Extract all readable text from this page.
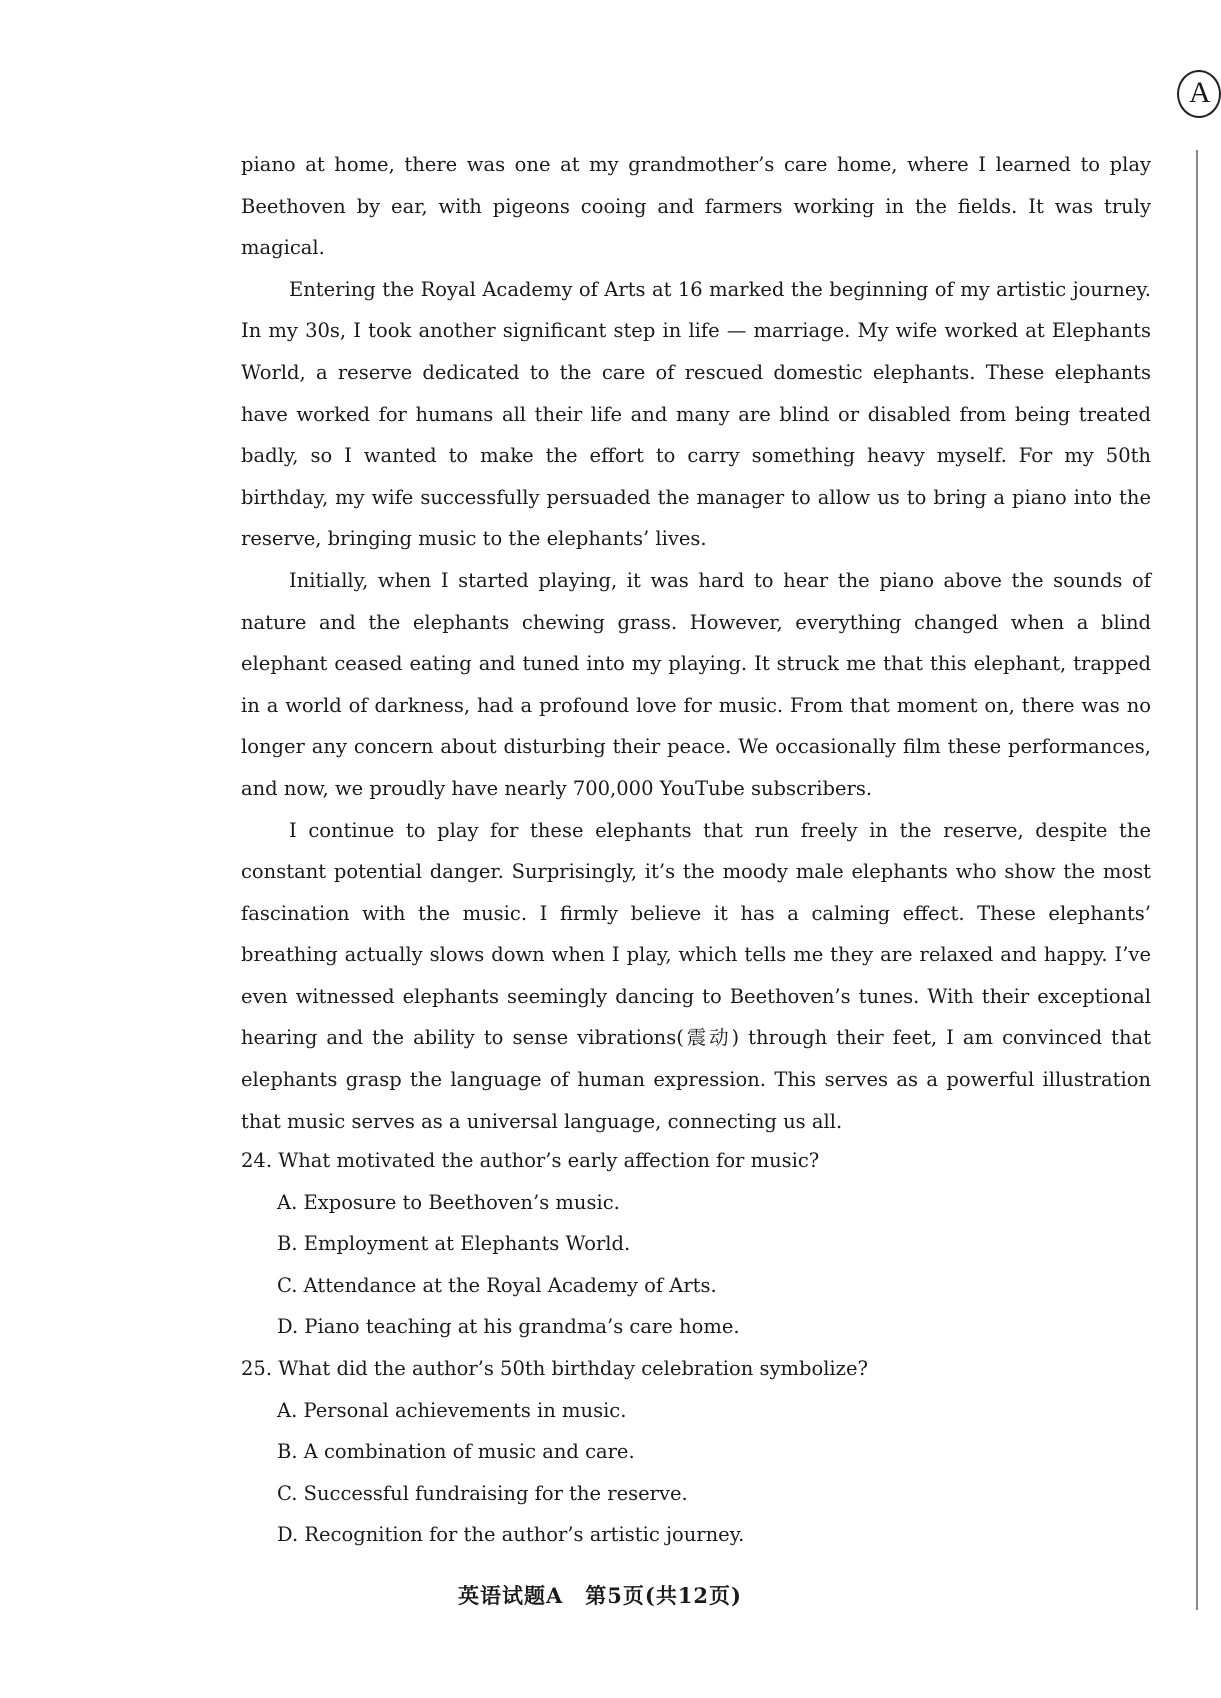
A

piano at home, there was one at my grandmother’s care home, where I learned to play Beethoven by ear, with pigeons cooing and farmers working in the fields. It was truly magical.

Entering the Royal Academy of Arts at 16 marked the beginning of my artistic journey. In my 30s, I took another significant step in life — marriage. My wife worked at Elephants World, a reserve dedicated to the care of rescued domestic elephants. These elephants have worked for humans all their life and many are blind or disabled from being treated badly, so I wanted to make the effort to carry something heavy myself. For my 50th birthday, my wife successfully persuaded the manager to allow us to bring a piano into the reserve, bringing music to the elephants’ lives.

Initially, when I started playing, it was hard to hear the piano above the sounds of nature and the elephants chewing grass. However, everything changed when a blind elephant ceased eating and tuned into my playing. It struck me that this elephant, trapped in a world of darkness, had a profound love for music. From that moment on, there was no longer any concern about disturbing their peace. We occasionally film these performances, and now, we proudly have nearly 700,000 YouTube subscribers.

I continue to play for these elephants that run freely in the reserve, despite the constant potential danger. Surprisingly, it’s the moody male elephants who show the most fascination with the music. I firmly believe it has a calming effect. These elephants’ breathing actually slows down when I play, which tells me they are relaxed and happy. I’ve even witnessed elephants seemingly dancing to Beethoven’s tunes. With their exceptional hearing and the ability to sense vibrations(震动) through their feet, I am convinced that elephants grasp the language of human expression. This serves as a powerful illustration that music serves as a universal language, connecting us all.

24. What motivated the author’s early affection for music?

A. Exposure to Beethoven’s music.

B. Employment at Elephants World.

C. Attendance at the Royal Academy of Arts.

D. Piano teaching at his grandma’s care home.

25. What did the author’s 50th birthday celebration symbolize?

A. Personal achievements in music.

B. A combination of music and care.

C. Successful fundraising for the reserve.

D. Recognition for the author’s artistic journey.

英语试题A　第5页(共12页)
